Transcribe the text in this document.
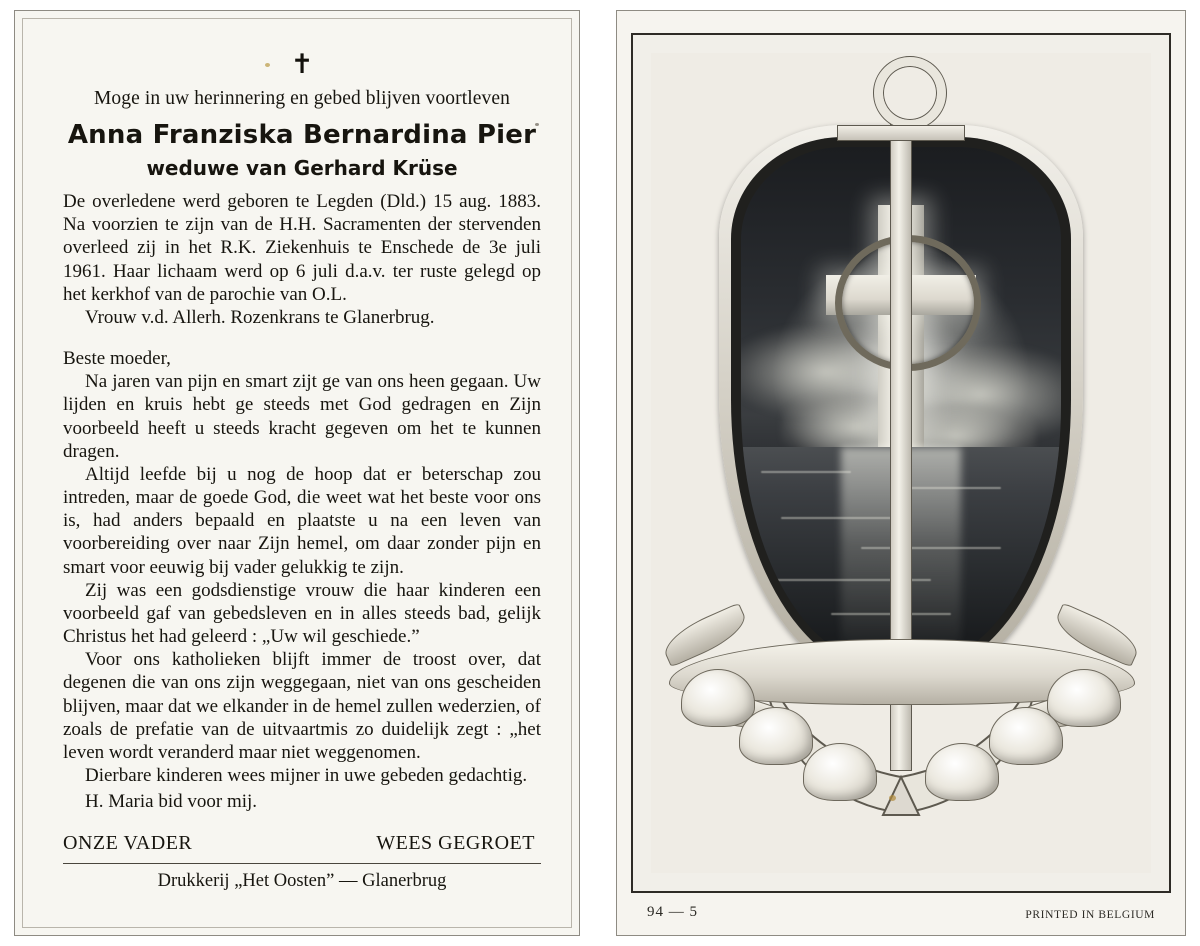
✝

Moge in uw herinnering en gebed blijven voortleven

Anna Franziska Bernardina Pier

weduwe van Gerhard Krüse

De overledene werd geboren te Legden (Dld.) 15 aug. 1883. Na voorzien te zijn van de H.H. Sacramenten der stervenden overleed zij in het R.K. Ziekenhuis te Enschede de 3e juli 1961. Haar lichaam werd op 6 juli d.a.v. ter ruste gelegd op het kerkhof van de parochie van O.L.

Vrouw v.d. Allerh. Rozenkrans te Glanerbrug.

Beste moeder,

Na jaren van pijn en smart zijt ge van ons heen gegaan. Uw lijden en kruis hebt ge steeds met God gedragen en Zijn voorbeeld heeft u steeds kracht gegeven om het te kunnen dragen.

Altijd leefde bij u nog de hoop dat er beterschap zou intreden, maar de goede God, die weet wat het beste voor ons is, had anders bepaald en plaatste u na een leven van voorbereiding over naar Zijn hemel, om daar zonder pijn en smart voor eeuwig bij vader gelukkig te zijn.

Zij was een godsdienstige vrouw die haar kinderen een voorbeeld gaf van gebedsleven en in alles steeds bad, gelijk Christus het had geleerd : „Uw wil geschiede.”

Voor ons katholieken blijft immer de troost over, dat degenen die van ons zijn weggegaan, niet van ons gescheiden blijven, maar dat we elkander in de hemel zullen wederzien, of zoals de prefatie van de uitvaartmis zo duidelijk zegt : „het leven wordt veranderd maar niet weggenomen.

Dierbare kinderen wees mijner in uwe gebeden gedachtig.

H. Maria bid voor mij.

ONZE VADER	WEES GEGROET

Drukkerij „Het Oosten” — Glanerbrug

94 — 5	PRINTED IN BELGIUM
